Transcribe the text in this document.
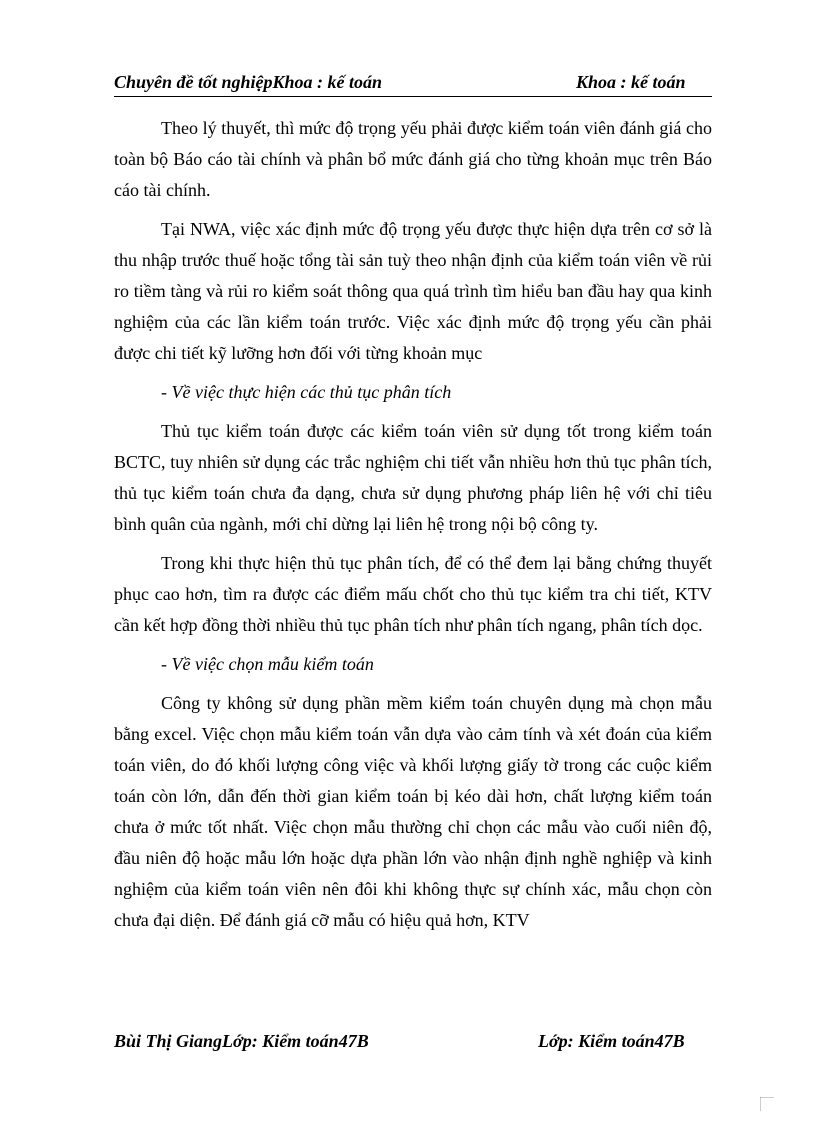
Chuyên đề tốt nghiệpKhoa : kế toán	Khoa : kế toán

Theo lý thuyết, thì mức độ trọng yếu phải được kiểm toán viên đánh giá cho toàn bộ Báo cáo tài chính và phân bổ mức đánh giá cho từng khoản mục trên Báo cáo tài chính.

Tại NWA, việc xác định mức độ trọng yếu được thực hiện dựa trên cơ sở là thu nhập trước thuế hoặc tổng tài sản tuỳ theo nhận định của kiểm toán viên về rủi ro tiềm tàng và rủi ro kiểm soát thông qua quá trình tìm hiểu ban đầu hay qua kinh nghiệm của các lần kiểm toán trước. Việc xác định mức độ trọng yếu cần phải được chi tiết kỹ lưỡng hơn đối với từng khoản mục

- Về việc thực hiện các thủ tục phân tích

Thủ tục kiểm toán được các kiểm toán viên sử dụng tốt trong kiểm toán BCTC, tuy nhiên sử dụng các trắc nghiệm chi tiết vẫn nhiều hơn thủ tục phân tích, thủ tục kiểm toán chưa đa dạng, chưa sử dụng phương pháp liên hệ với chỉ tiêu bình quân của ngành, mới chỉ dừng lại liên hệ trong nội bộ công ty.

Trong khi thực hiện thủ tục phân tích, để có thể đem lại bằng chứng thuyết phục cao hơn, tìm ra được các điểm mấu chốt cho thủ tục kiểm tra chi tiết, KTV cần kết hợp đồng thời nhiều thủ tục phân tích như phân tích ngang, phân tích dọc.

- Về việc chọn mẫu kiểm toán

Công ty không sử dụng phần mềm kiểm toán chuyên dụng mà chọn mẫu bằng excel. Việc chọn mẫu kiểm toán vẫn dựa vào cảm tính và xét đoán của kiểm toán viên, do đó khối lượng công việc và khối lượng giấy tờ trong các cuộc kiểm toán còn lớn, dẫn đến thời gian kiểm toán bị kéo dài hơn, chất lượng kiểm toán chưa ở mức tốt nhất. Việc chọn mẫu thường chỉ chọn các mẫu vào cuối niên độ, đầu niên độ hoặc mẫu lớn hoặc dựa phần lớn vào nhận định nghề nghiệp và kinh nghiệm của kiểm toán viên nên đôi khi không thực sự chính xác, mẫu chọn còn chưa đại diện. Để đánh giá cỡ mẫu có hiệu quả hơn, KTV

Bùi Thị GiangLớp: Kiểm toán47B	Lớp: Kiểm toán47B
